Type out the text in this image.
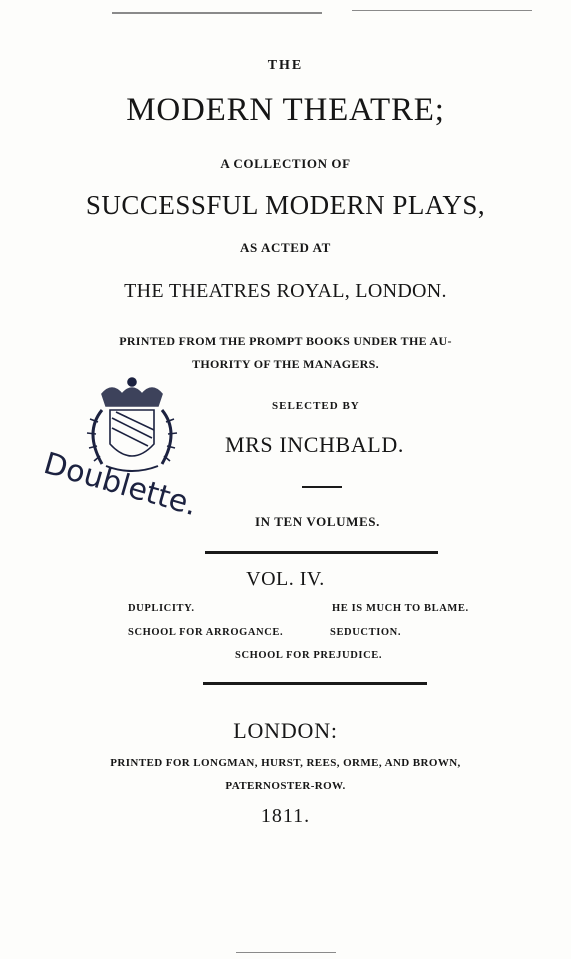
THE
MODERN THEATRE;
A COLLECTION OF
SUCCESSFUL MODERN PLAYS,
AS ACTED AT
THE THEATRES ROYAL, LONDON.
PRINTED FROM THE PROMPT BOOKS UNDER THE AU-
THORITY OF THE MANAGERS.
SELECTED BY
MRS INCHBALD.
IN TEN VOLUMES.
VOL. IV.
DUPLICITY.	HE IS MUCH TO BLAME.
SCHOOL FOR ARROGANCE.	SEDUCTION.
SCHOOL FOR PREJUDICE.
LONDON:
PRINTED FOR LONGMAN, HURST, REES, ORME, AND BROWN,
PATERNOSTER-ROW.
1811.
Doublette.
